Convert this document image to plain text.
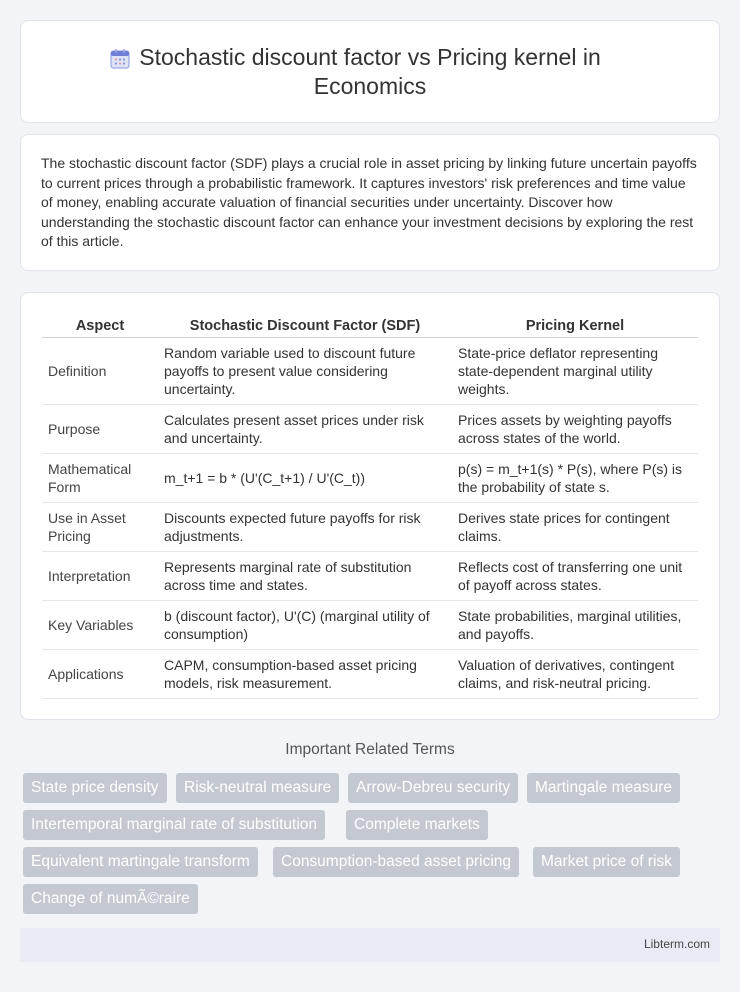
Stochastic discount factor vs Pricing kernel in
Economics

The stochastic discount factor (SDF) plays a crucial role in asset pricing by linking future uncertain payoffs to current prices through a probabilistic framework. It captures investors' risk preferences and time value of money, enabling accurate valuation of financial securities under uncertainty. Discover how understanding the stochastic discount factor can enhance your investment decisions by exploring the rest of this article.

Aspect	Stochastic Discount Factor (SDF)	Pricing Kernel
Definition	Random variable used to discount future payoffs to present value considering uncertainty.	State-price deflator representing state-dependent marginal utility weights.
Purpose	Calculates present asset prices under risk and uncertainty.	Prices assets by weighting payoffs across states of the world.
Mathematical Form	m_t+1 = b * (U'(C_t+1) / U'(C_t))	p(s) = m_t+1(s) * P(s), where P(s) is the probability of state s.
Use in Asset Pricing	Discounts expected future payoffs for risk adjustments.	Derives state prices for contingent claims.
Interpretation	Represents marginal rate of substitution across time and states.	Reflects cost of transferring one unit of payoff across states.
Key Variables	b (discount factor), U'(C) (marginal utility of consumption)	State probabilities, marginal utilities, and payoffs.
Applications	CAPM, consumption-based asset pricing models, risk measurement.	Valuation of derivatives, contingent claims, and risk-neutral pricing.
Important Related Terms
State price density	Risk-neutral measure	Arrow-Debreu security	Martingale measure
Intertemporal marginal rate of substitution	Complete markets
Equivalent martingale transform	Consumption-based asset pricing	Market price of risk
Change of numÃ©raire
Libterm.com
